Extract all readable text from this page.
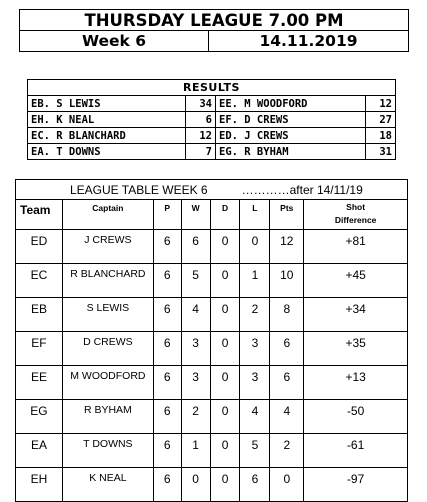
THURSDAY LEAGUE 7.00 PM
Week 6	14.11.2019
RESULTS			
EB. S LEWIS	34	EE. M WOODFORD	12
EH. K NEAL	6	EF. D CREWS	27
EC. R BLANCHARD	12	ED. J CREWS	18
EA. T DOWNS	7	EG. R BYHAM	31
LEAGUE TABLE WEEK 6 …………after 14/11/19							
Team	Captain	P	W	D	L	Pts	Shot
Difference

ED	J CREWS	6	6	0	0	12	+81
EC	R BLANCHARD	6	5	0	1	10	+45
EB	S LEWIS	6	4	0	2	8	+34
EF	D CREWS	6	3	0	3	6	+35
EE	M WOODFORD	6	3	0	3	6	+13
EG	R BYHAM	6	2	0	4	4	-50
EA	T DOWNS	6	1	0	5	2	-61
EH	K NEAL	6	0	0	6	0	-97
